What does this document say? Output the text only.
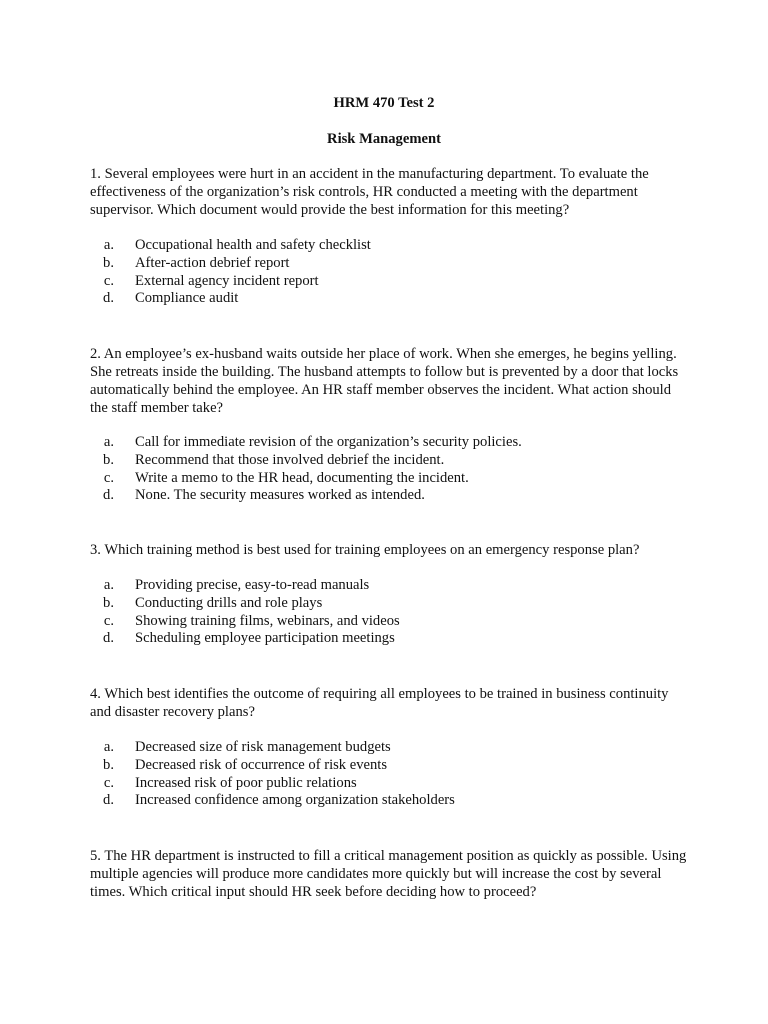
HRM 470 Test 2
Risk Management

1. Several employees were hurt in an accident in the manufacturing department. To evaluate the effectiveness of the organization’s risk controls, HR conducted a meeting with the department supervisor. Which document would provide the best information for this meeting?

a. Occupational health and safety checklist
b. After-action debrief report
c. External agency incident report
d. Compliance audit

2. An employee’s ex-husband waits outside her place of work. When she emerges, he begins yelling. She retreats inside the building. The husband attempts to follow but is prevented by a door that locks automatically behind the employee. An HR staff member observes the incident. What action should the staff member take?

a. Call for immediate revision of the organization’s security policies.
b. Recommend that those involved debrief the incident.
c. Write a memo to the HR head, documenting the incident.
d. None. The security measures worked as intended.

3. Which training method is best used for training employees on an emergency response plan?

a. Providing precise, easy-to-read manuals
b. Conducting drills and role plays
c. Showing training films, webinars, and videos
d. Scheduling employee participation meetings

4. Which best identifies the outcome of requiring all employees to be trained in business continuity and disaster recovery plans?

a. Decreased size of risk management budgets
b. Decreased risk of occurrence of risk events
c. Increased risk of poor public relations
d. Increased confidence among organization stakeholders

5. The HR department is instructed to fill a critical management position as quickly as possible. Using multiple agencies will produce more candidates more quickly but will increase the cost by several times. Which critical input should HR seek before deciding how to proceed?
